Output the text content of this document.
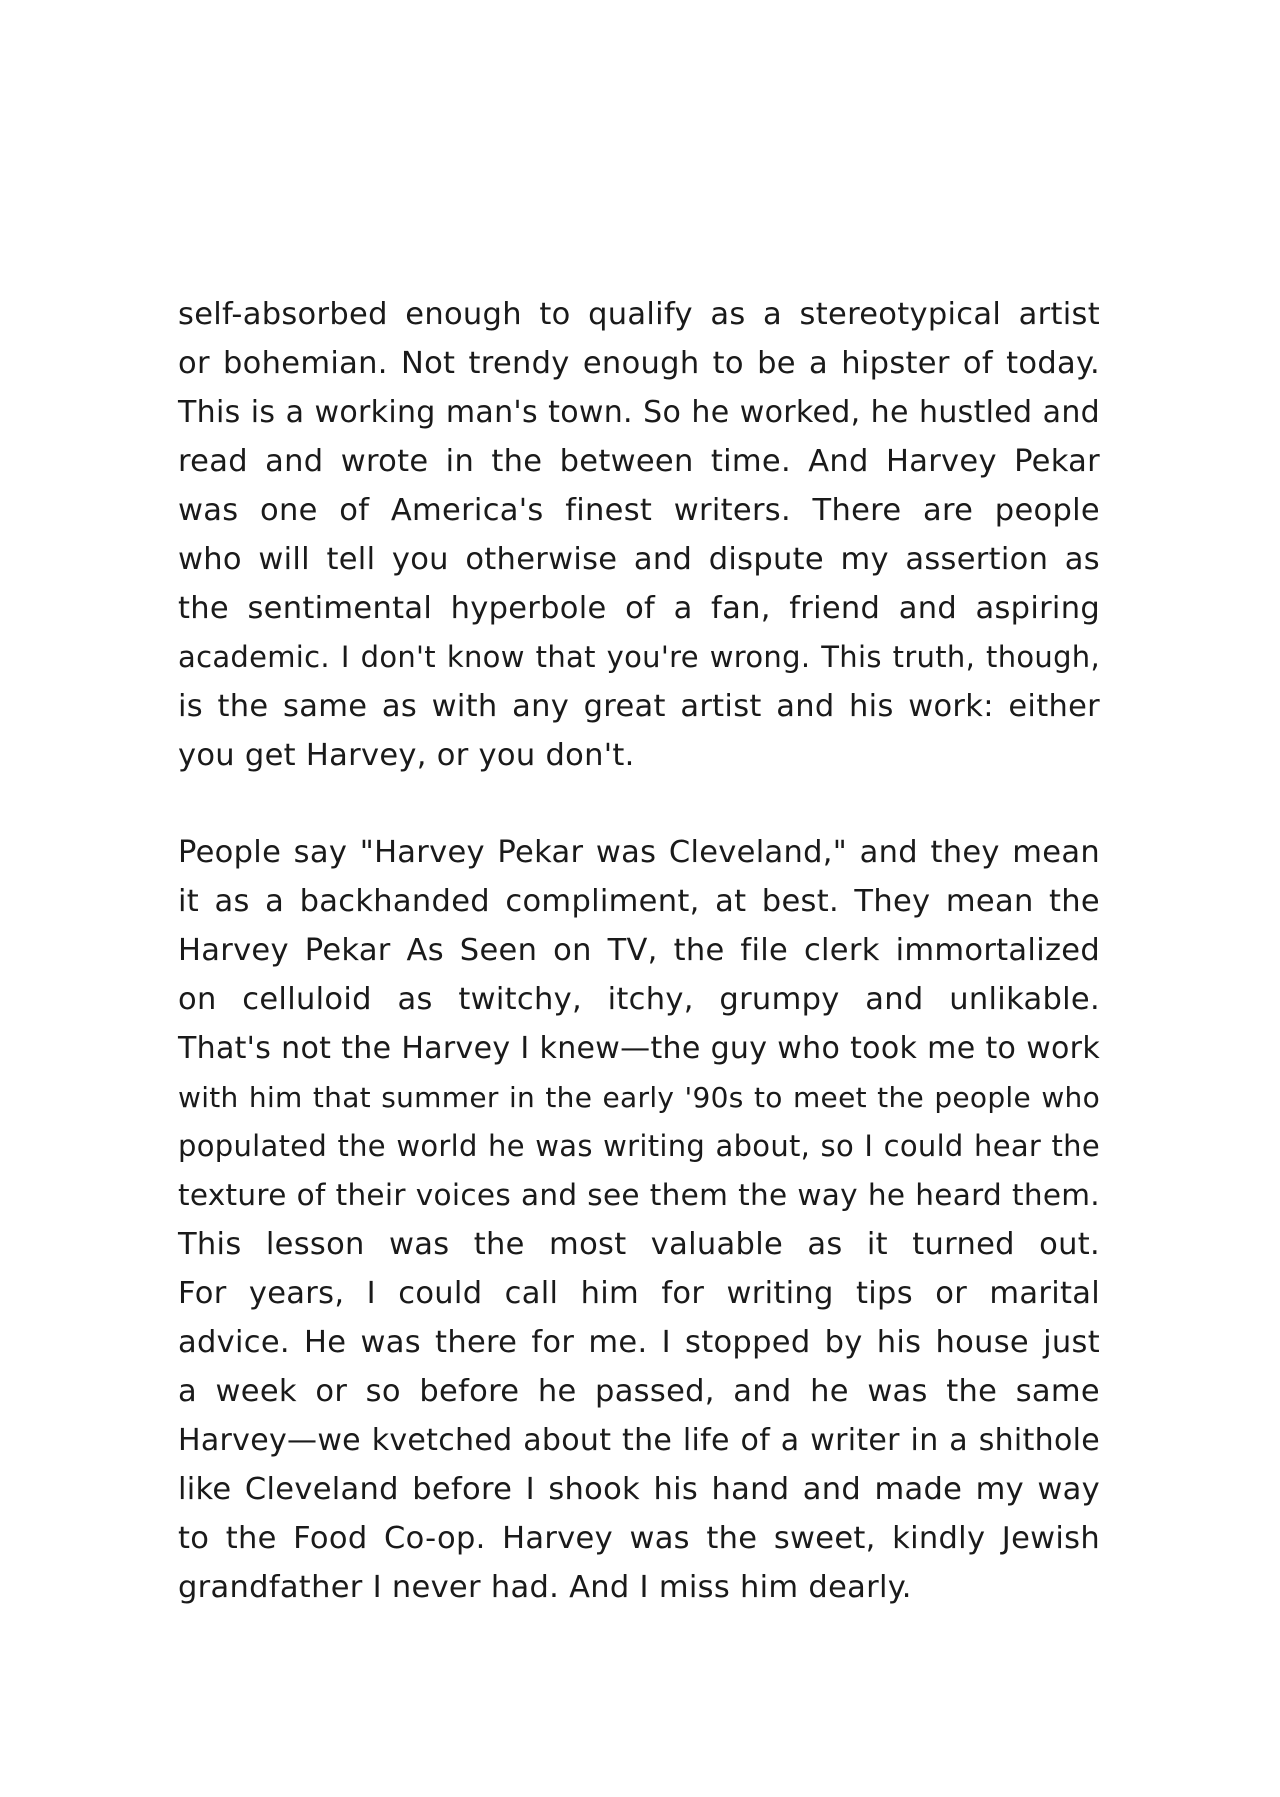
self-absorbed enough to qualify as a stereotypical artist
or bohemian. Not trendy enough to be a hipster of today.
This is a working man's town. So he worked, he hustled and
read and wrote in the between time. And Harvey Pekar
was one of America's finest writers. There are people
who will tell you otherwise and dispute my assertion as
the sentimental hyperbole of a fan, friend and aspiring
academic. I don't know that you're wrong. This truth, though,
is the same as with any great artist and his work: either
you get Harvey, or you don't.

People say "Harvey Pekar was Cleveland," and they mean
it as a backhanded compliment, at best. They mean the
Harvey Pekar As Seen on TV, the file clerk immortalized
on celluloid as twitchy, itchy, grumpy and unlikable.
That's not the Harvey I knew—the guy who took me to work
with him that summer in the early '90s to meet the people who
populated the world he was writing about, so I could hear the
texture of their voices and see them the way he heard them.
This lesson was the most valuable as it turned out.
For years, I could call him for writing tips or marital
advice. He was there for me. I stopped by his house just
a week or so before he passed, and he was the same
Harvey—we kvetched about the life of a writer in a shithole
like Cleveland before I shook his hand and made my way
to the Food Co-op. Harvey was the sweet, kindly Jewish
grandfather I never had. And I miss him dearly.
